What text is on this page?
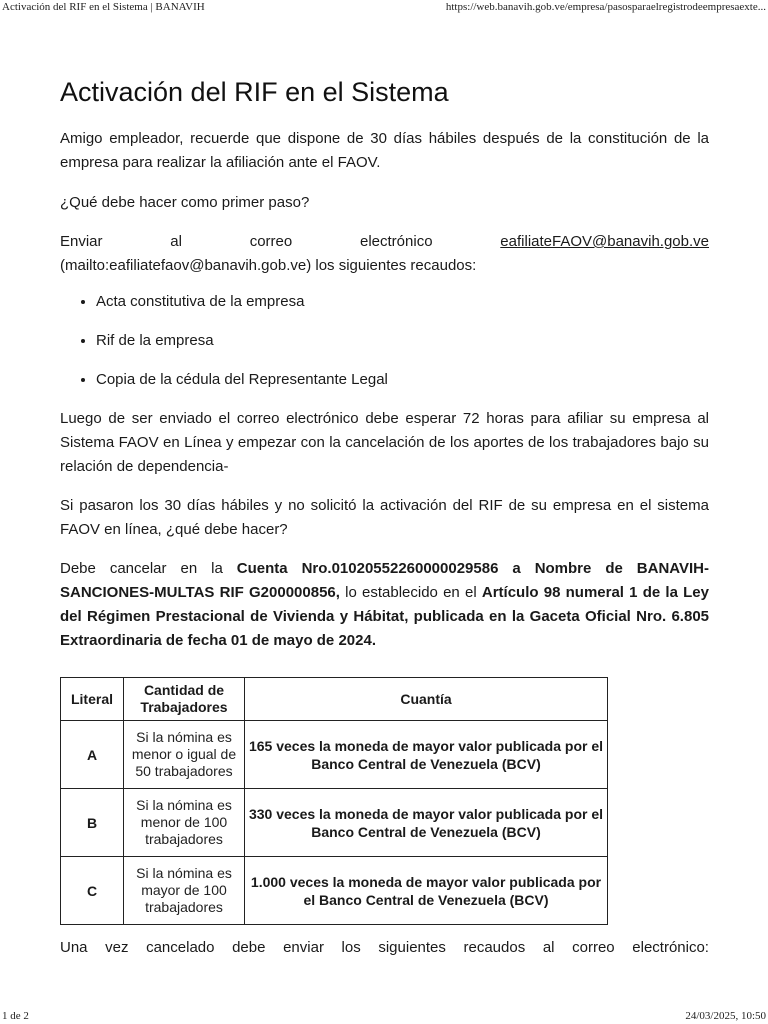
Activación del RIF en el Sistema | BANAVIH	https://web.banavih.gob.ve/empresa/pasosparaelregistrodeempresaexte...
Activación del RIF en el Sistema

Amigo empleador, recuerde que dispone de 30 días hábiles después de la constitución de la empresa para realizar la afiliación ante el FAOV.

¿Qué debe hacer como primer paso?

Enviar	al	correo	electrónico	eafiliateFAOV@banavih.gob.ve

(mailto:eafiliatefaov@banavih.gob.ve) los siguientes recaudos:

• Acta constitutiva de la empresa
• Rif de la empresa
• Copia de la cédula del Representante Legal

Luego de ser enviado el correo electrónico debe esperar 72 horas para afiliar su empresa al Sistema FAOV en Línea y empezar con la cancelación de los aportes de los trabajadores bajo su relación de dependencia-

Si pasaron los 30 días hábiles y no solicitó la activación del RIF de su empresa en el sistema FAOV en línea, ¿qué debe hacer?

Debe cancelar en la Cuenta Nro.01020552260000029586 a Nombre de BANAVIH-SANCIONES-MULTAS RIF G200000856, lo establecido en el Artículo 98 numeral 1 de la Ley del Régimen Prestacional de Vivienda y Hábitat, publicada en la Gaceta Oficial Nro. 6.805 Extraordinaria de fecha 01 de mayo de 2024.

Literal	Cantidad de Trabajadores	Cuantía
A	Si la nómina es menor o igual de 50 trabajadores	165 veces la moneda de mayor valor publicada por el Banco Central de Venezuela (BCV)
B	Si la nómina es menor de 100 trabajadores	330 veces la moneda de mayor valor publicada por el Banco Central de Venezuela (BCV)
C	Si la nómina es mayor de 100 trabajadores	1.000 veces la moneda de mayor valor publicada por el Banco Central de Venezuela (BCV)
Una vez cancelado debe enviar los siguientes recaudos al correo electrónico:
1 de 2	24/03/2025, 10:50
